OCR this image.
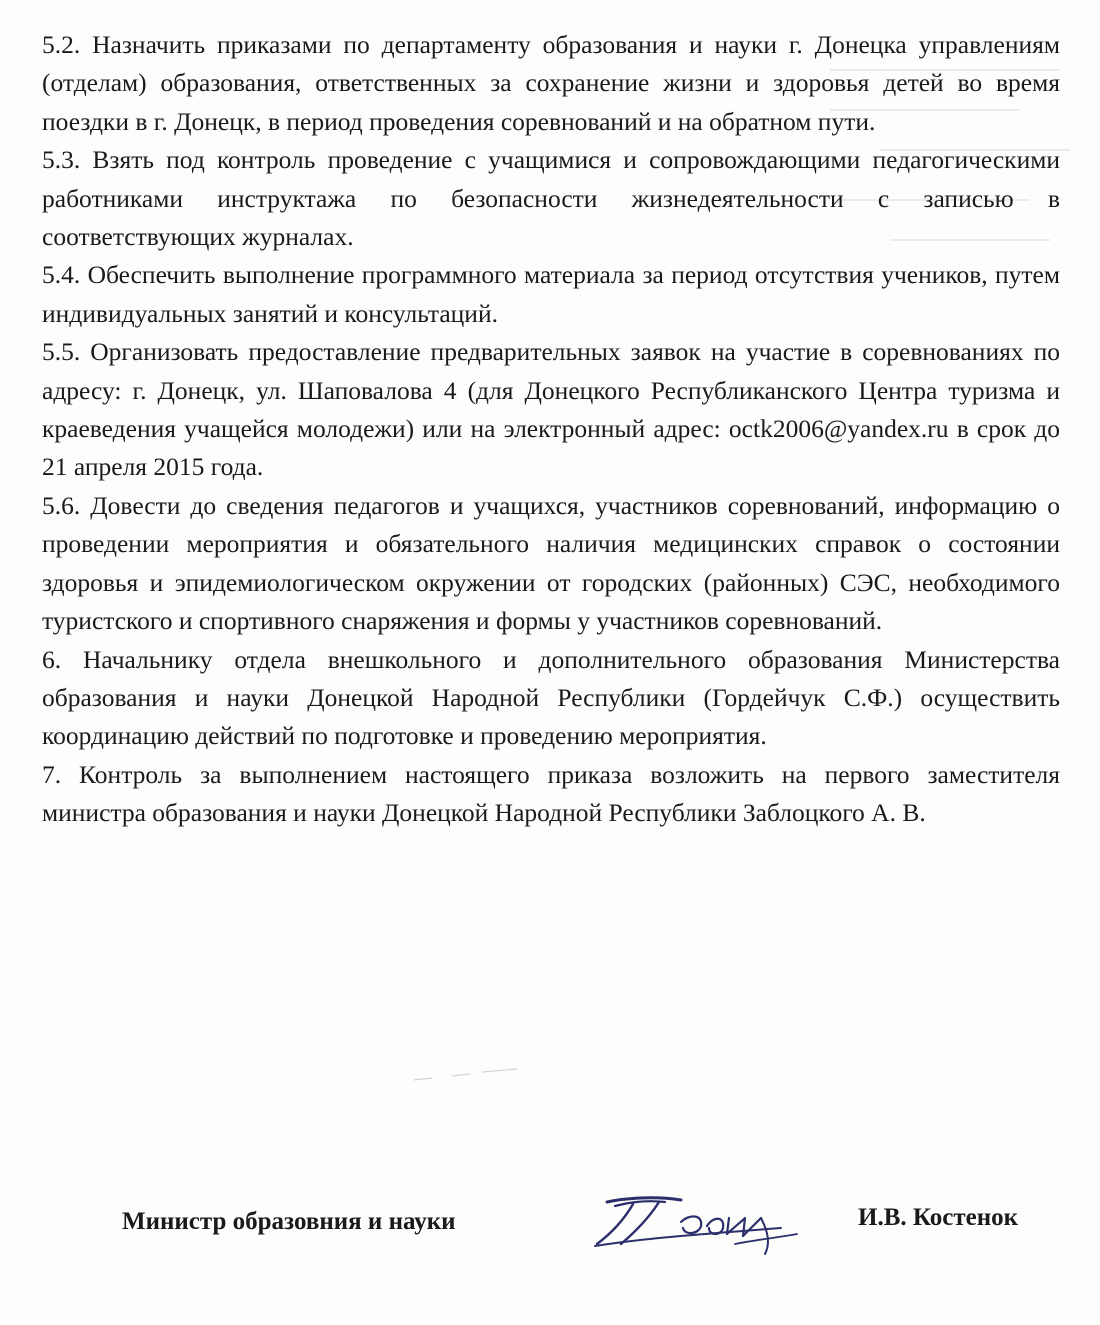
5.2. Назначить приказами по департаменту образования и науки г. Донецка управлениям (отделам) образования, ответственных за сохранение жизни и здоровья детей во время поездки в г. Донецк, в период проведения соревнований и на обратном пути.

5.3. Взять под контроль проведение с учащимися и сопровождающими педагогическими работниками инструктажа по безопасности жизнедеятельности с записью в соответствующих журналах.

5.4. Обеспечить выполнение программного материала за период отсутствия учеников, путем индивидуальных занятий и консультаций.

5.5. Организовать предоставление предварительных заявок на участие в соревнованиях по адресу: г. Донецк, ул. Шаповалова 4 (для Донецкого Республиканского Центра туризма и краеведения учащейся молодежи) или на электронный адрес: octk2006@yandex.ru в срок до 21 апреля 2015 года.

5.6. Довести до сведения педагогов и учащихся, участников соревнований, информацию о проведении мероприятия и обязательного наличия медицинских справок о состоянии здоровья и эпидемиологическом окружении от городских (районных) СЭС, необходимого туристского и спортивного снаряжения и формы у участников соревнований.

6. Начальнику отдела внешкольного и дополнительного образования Министерства образования и науки Донецкой Народной Республики (Гордейчук С.Ф.) осуществить координацию действий по подготовке и проведению мероприятия.

7. Контроль за выполнением настоящего приказа возложить на первого заместителя министра образования и науки Донецкой Народной Республики Заблоцкого А. В.

Министр образовния и науки	И.В. Костенок
